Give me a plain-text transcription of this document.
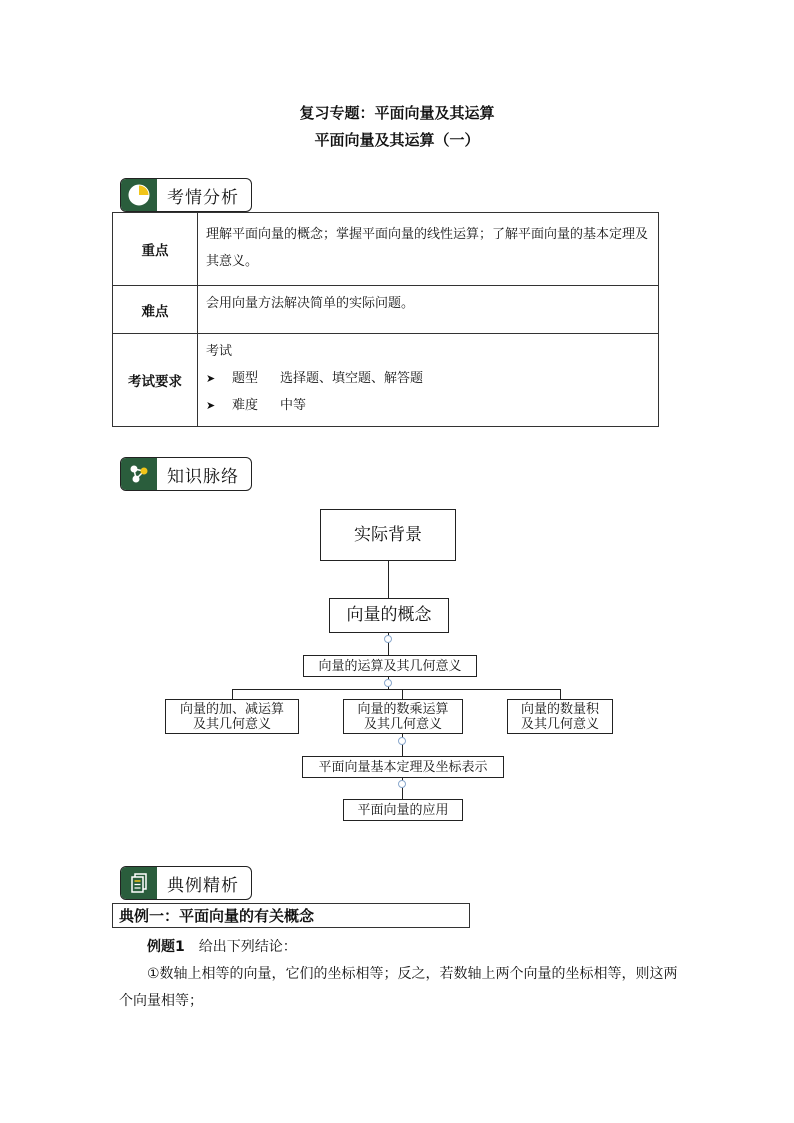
复习专题：平面向量及其运算
平面向量及其运算（一）
考情分析
重点	理解平面向量的概念；掌握平面向量的线性运算；了解平面向量的基本定理及其意义。
难点	会用向量方法解决简单的实际问题。
考试要求	考试
➤ 题型 选择题、填空题、解答题
➤ 难度 中等
知识脉络
实际背景
向量的概念
向量的运算及其几何意义
向量的加、减运算
及其几何意义
向量的数乘运算
及其几何意义
向量的数量积
及其几何意义
平面向量基本定理及坐标表示
平面向量的应用
典例精析
典例一：平面向量的有关概念
例题1 给出下列结论：
①数轴上相等的向量，它们的坐标相等；反之，若数轴上两个向量的坐标相等，则这两
个向量相等；
